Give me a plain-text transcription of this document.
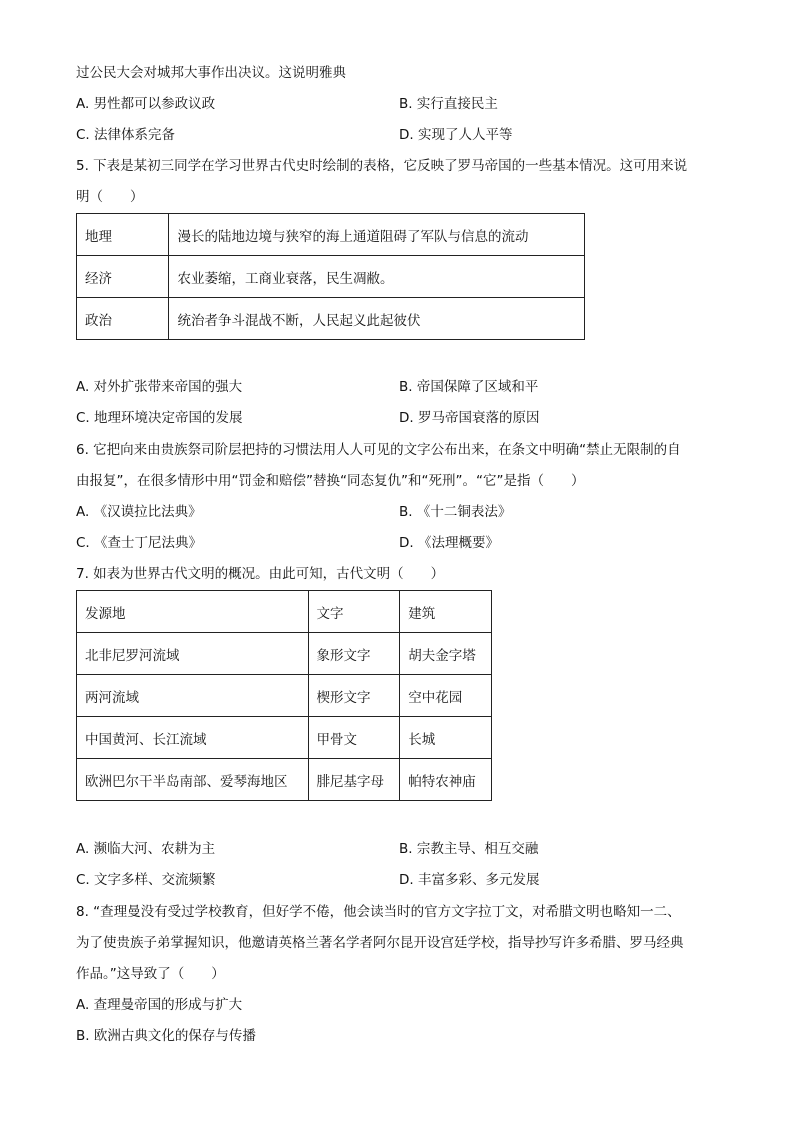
过公民大会对城邦大事作出决议。这说明雅典
A. 男性都可以参政议政	B. 实行直接民主
C. 法律体系完备	D. 实现了人人平等
5. 下表是某初三同学在学习世界古代史时绘制的表格，它反映了罗马帝国的一些基本情况。这可用来说
明（　　）
地理	漫长的陆地边境与狭窄的海上通道阻碍了军队与信息的流动
经济	农业萎缩，工商业衰落，民生凋敝。
政治	统治者争斗混战不断，人民起义此起彼伏
A. 对外扩张带来帝国的强大	B. 帝国保障了区域和平
C. 地理环境决定帝国的发展	D. 罗马帝国衰落的原因
6. 它把向来由贵族祭司阶层把持的习惯法用人人可见的文字公布出来，在条文中明确“禁止无限制的自
由报复”，在很多情形中用“罚金和赔偿”替换“同态复仇”和“死刑”。“它”是指（　　）
A. 《汉谟拉比法典》	B. 《十二铜表法》
C. 《查士丁尼法典》	D. 《法理概要》
7. 如表为世界古代文明的概况。由此可知，古代文明（　　）
发源地	文字	建筑
北非尼罗河流域	象形文字	胡夫金字塔
两河流域	楔形文字	空中花园
中国黄河、长江流域	甲骨文	长城
欧洲巴尔干半岛南部、爱琴海地区	腓尼基字母	帕特农神庙
A. 濒临大河、农耕为主	B. 宗教主导、相互交融
C. 文字多样、交流频繁	D. 丰富多彩、多元发展
8. “查理曼没有受过学校教育，但好学不倦，他会读当时的官方文字拉丁文，对希腊文明也略知一二、
为了使贵族子弟掌握知识，他邀请英格兰著名学者阿尔昆开设宫廷学校，指导抄写许多希腊、罗马经典
作品。”这导致了（　　）
A. 查理曼帝国的形成与扩大
B. 欧洲古典文化的保存与传播
